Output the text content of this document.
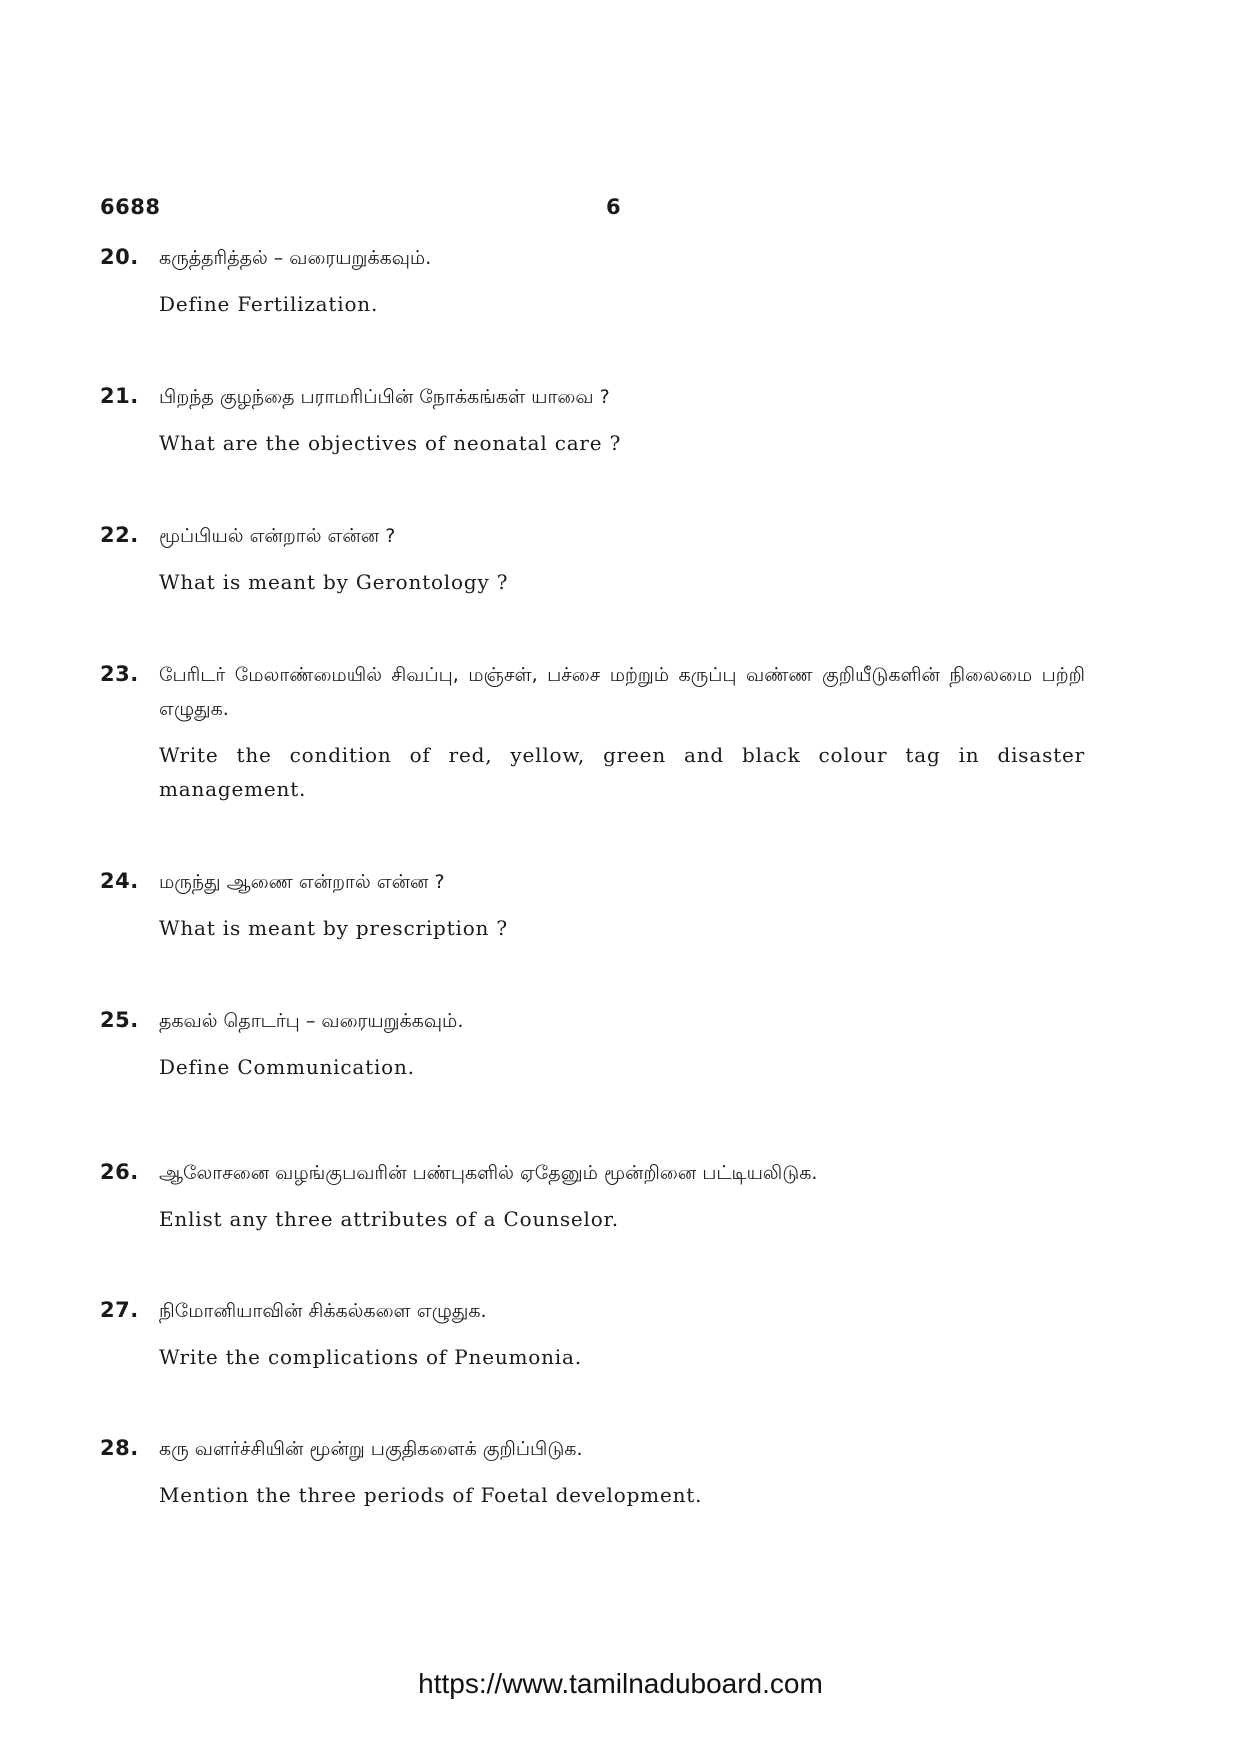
6688	6
20. கருத்தரித்தல் – வரையறுக்கவும்.
Define Fertilization.
21. பிறந்த குழந்தை பராமரிப்பின் நோக்கங்கள் யாவை ?
What are the objectives of neonatal care ?
22. மூப்பியல் என்றால் என்ன ?
What is meant by Gerontology ?
23. பேரிடர் மேலாண்மையில் சிவப்பு, மஞ்சள், பச்சை மற்றும் கருப்பு வண்ண குறியீடுகளின் நிலைமை பற்றி எழுதுக.
Write the condition of red, yellow, green and black colour tag in disaster management.
24. மருந்து ஆணை என்றால் என்ன ?
What is meant by prescription ?
25. தகவல் தொடர்பு – வரையறுக்கவும்.
Define Communication.
26. ஆலோசனை வழங்குபவரின் பண்புகளில் ஏதேனும் மூன்றினை பட்டியலிடுக.
Enlist any three attributes of a Counselor.
27. நிமோனியாவின் சிக்கல்களை எழுதுக.
Write the complications of Pneumonia.
28. கரு வளர்ச்சியின் மூன்று பகுதிகளைக் குறிப்பிடுக.
Mention the three periods of Foetal development.
https://www.tamilnaduboard.com
